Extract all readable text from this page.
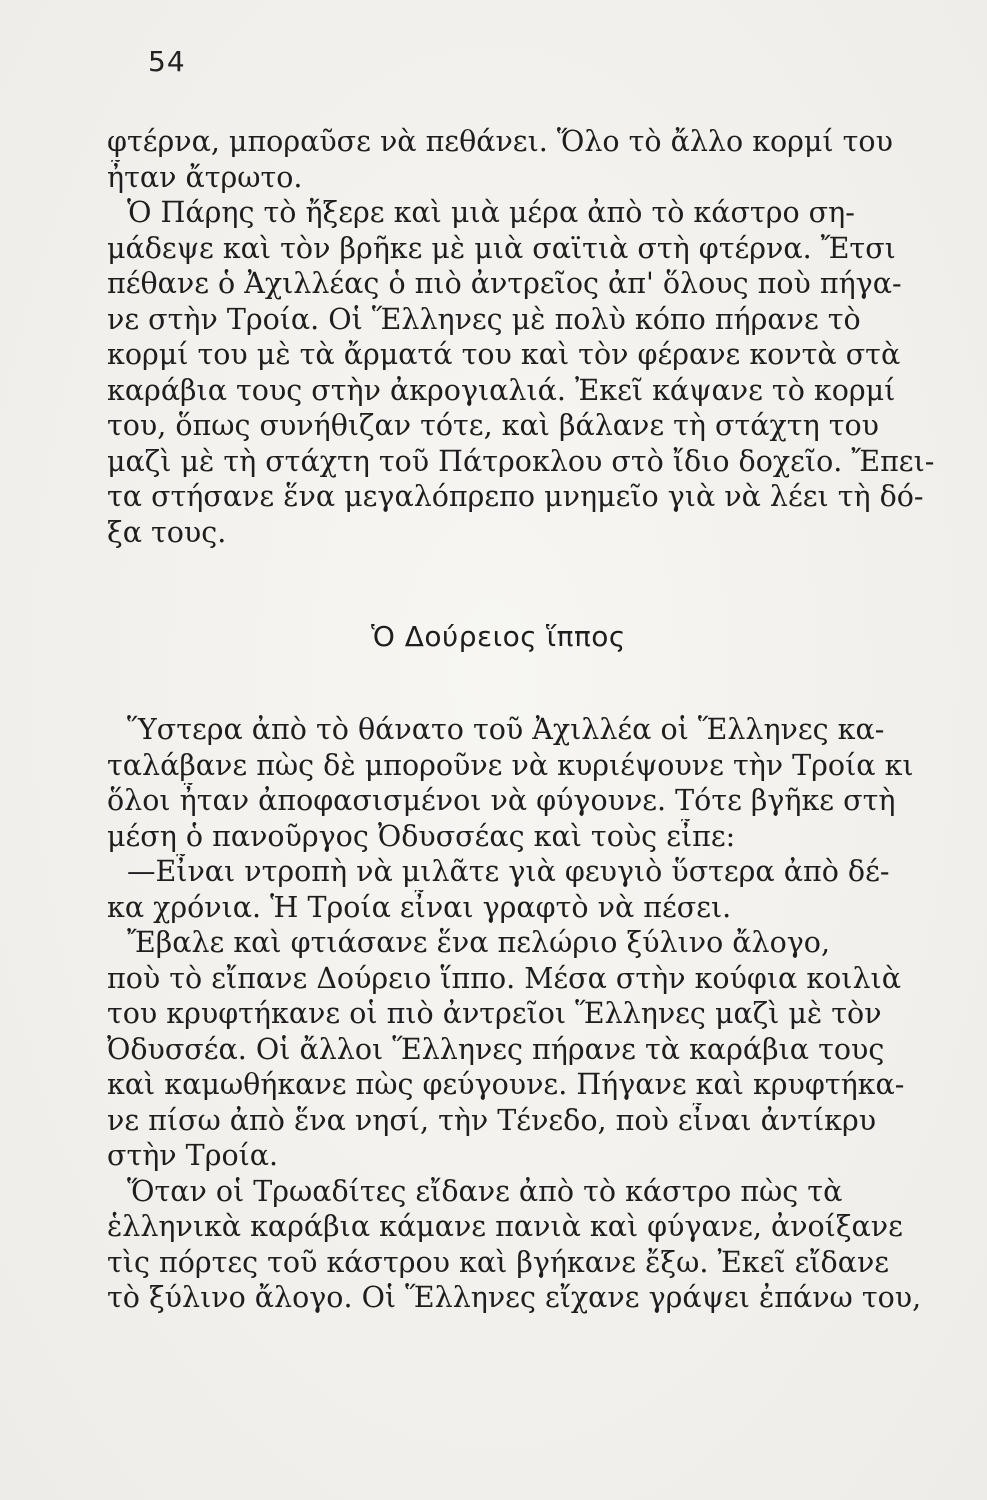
54
φτέρνα, μποραῦσε νὰ πεθάνει. Ὅλο τὸ ἄλλο κορμί του
ἦταν ἄτρωτο.
Ὁ Πάρης τὸ ἤξερε καὶ μιὰ μέρα ἀπὸ τὸ κάστρο ση-
μάδεψε καὶ τὸν βρῆκε μὲ μιὰ σαϊτιὰ στὴ φτέρνα. Ἔτσι
πέθανε ὁ Ἀχιλλέας ὁ πιὸ ἀντρεῖος ἀπ' ὅλους ποὺ πήγα-
νε στὴν Τροία. Οἱ Ἕλληνες μὲ πολὺ κόπο πήρανε τὸ
κορμί του μὲ τὰ ἄρματά του καὶ τὸν φέρανε κοντὰ στὰ
καράβια τους στὴν ἀκρογιαλιά. Ἐκεῖ κάψανε τὸ κορμί
του, ὅπως συνήθιζαν τότε, καὶ βάλανε τὴ στάχτη του
μαζὶ μὲ τὴ στάχτη τοῦ Πάτροκλου στὸ ἴδιο δοχεῖο. Ἔπει-
τα στήσανε ἕνα μεγαλόπρεπο μνημεῖο γιὰ νὰ λέει τὴ δό-
ξα τους.
Ὁ Δούρειος ἵππος
Ὕστερα ἀπὸ τὸ θάνατο τοῦ Ἀχιλλέα οἱ Ἕλληνες κα-
ταλάβανε πὼς δὲ μποροῦνε νὰ κυριέψουνε τὴν Τροία κι
ὅλοι ἦταν ἀποφασισμένοι νὰ φύγουνε. Τότε βγῆκε στὴ
μέση ὁ πανοῦργος Ὀδυσσέας καὶ τοὺς εἶπε:
—Εἶναι ντροπὴ νὰ μιλᾶτε γιὰ φευγιὸ ὕστερα ἀπὸ δέ-
κα χρόνια. Ἡ Τροία εἶναι γραφτὸ νὰ πέσει.
Ἔβαλε καὶ φτιάσανε ἕνα πελώριο ξύλινο ἄλογο,
ποὺ τὸ εἴπανε Δούρειο ἵππο. Μέσα στὴν κούφια κοιλιὰ
του κρυφτήκανε οἱ πιὸ ἀντρεῖοι Ἕλληνες μαζὶ μὲ τὸν
Ὀδυσσέα. Οἱ ἄλλοι Ἕλληνες πήρανε τὰ καράβια τους
καὶ καμωθήκανε πὼς φεύγουνε. Πήγανε καὶ κρυφτήκα-
νε πίσω ἀπὸ ἕνα νησί, τὴν Τένεδο, ποὺ εἶναι ἀντίκρυ
στὴν Τροία.
Ὅταν οἱ Τρωαδίτες εἴδανε ἀπὸ τὸ κάστρο πὼς τὰ
ἑλληνικὰ καράβια κάμανε πανιὰ καὶ φύγανε, ἀνοίξανε
τὶς πόρτες τοῦ κάστρου καὶ βγήκανε ἔξω. Ἐκεῖ εἴδανε
τὸ ξύλινο ἄλογο. Οἱ Ἕλληνες εἴχανε γράψει ἐπάνω του,
